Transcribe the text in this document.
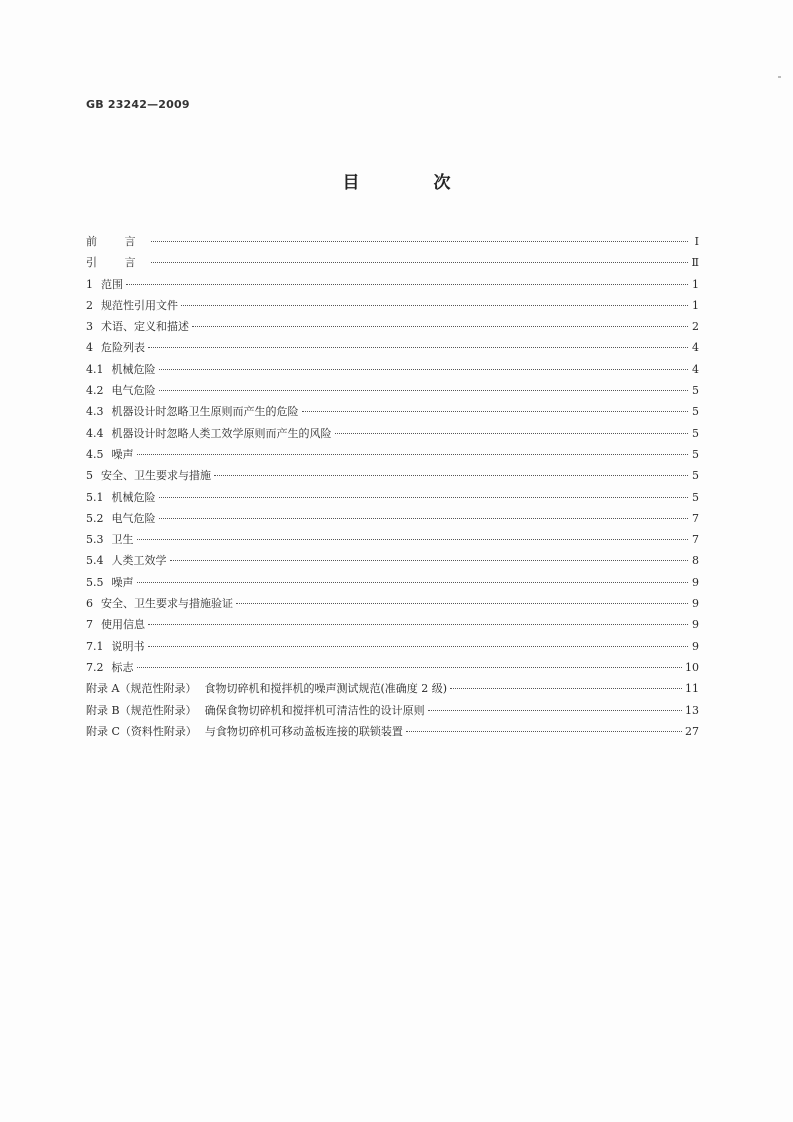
GB 23242—2009
目 次
前 言	Ⅰ
引 言	Ⅱ
1 范围	1
2 规范性引用文件	1
3 术语、定义和描述	2
4 危险列表	4
4.1 机械危险	4
4.2 电气危险	5
4.3 机器设计时忽略卫生原则而产生的危险	5
4.4 机器设计时忽略人类工效学原则而产生的风险	5
4.5 噪声	5
5 安全、卫生要求与措施	5
5.1 机械危险	5
5.2 电气危险	7
5.3 卫生	7
5.4 人类工效学	8
5.5 噪声	9
6 安全、卫生要求与措施验证	9
7 使用信息	9
7.1 说明书	9
7.2 标志	10
附录 A（规范性附录） 食物切碎机和搅拌机的噪声测试规范(准确度 2 级)	11
附录 B（规范性附录） 确保食物切碎机和搅拌机可清洁性的设计原则	13
附录 C（资料性附录） 与食物切碎机可移动盖板连接的联锁装置	27
